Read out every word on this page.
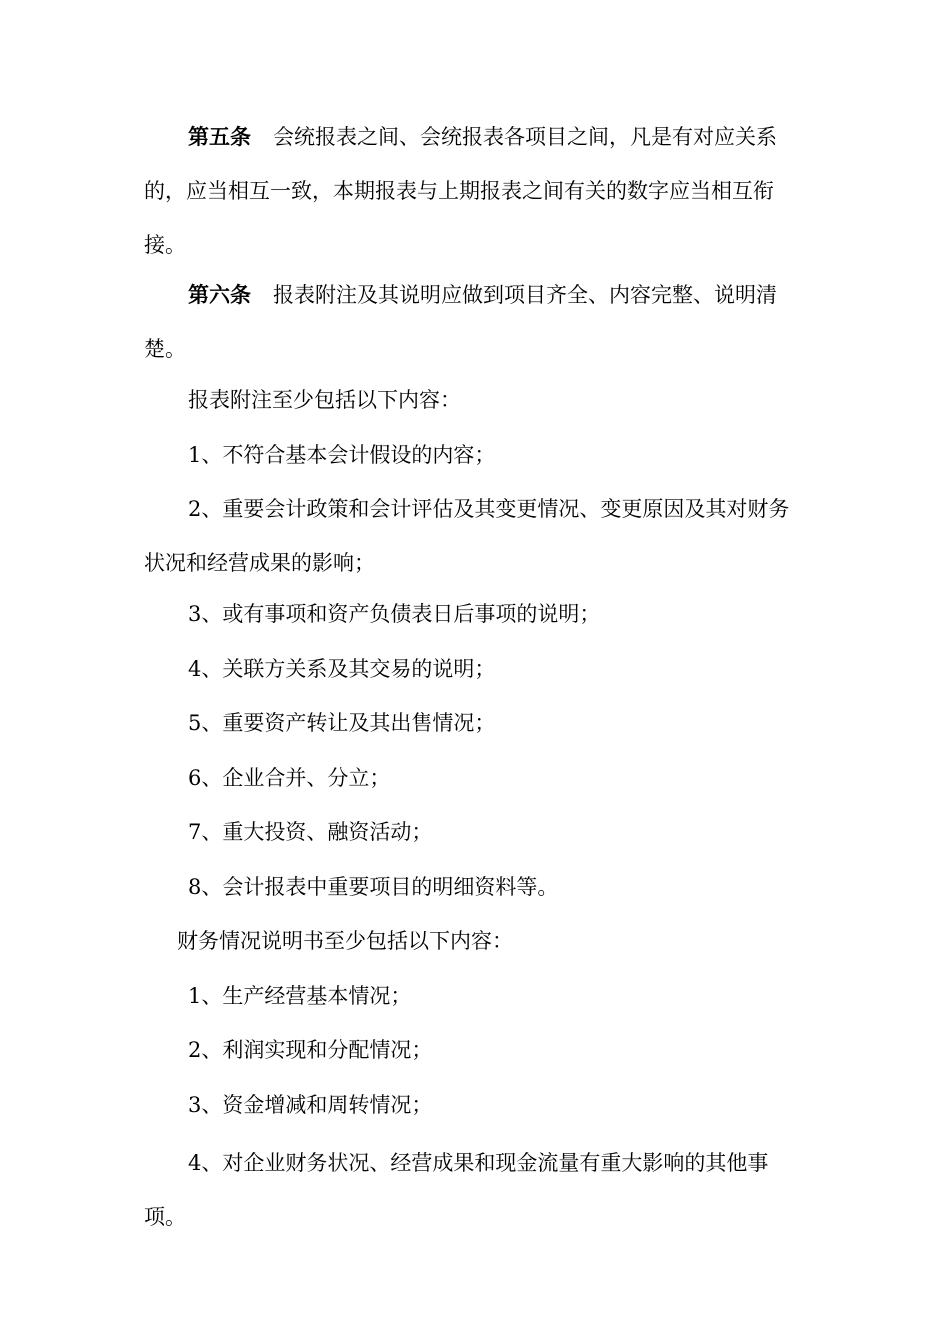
第五条 会统报表之间、会统报表各项目之间，凡是有对应关系的，应当相互一致，本期报表与上期报表之间有关的数字应当相互衔接。

第六条 报表附注及其说明应做到项目齐全、内容完整、说明清楚。

报表附注至少包括以下内容：

1、不符合基本会计假设的内容；

2、重要会计政策和会计评估及其变更情况、变更原因及其对财务状况和经营成果的影响；

3、或有事项和资产负债表日后事项的说明；

4、关联方关系及其交易的说明；

5、重要资产转让及其出售情况；

6、企业合并、分立；

7、重大投资、融资活动；

8、会计报表中重要项目的明细资料等。

财务情况说明书至少包括以下内容：

1、生产经营基本情况；

2、利润实现和分配情况；

3、资金增减和周转情况；

4、对企业财务状况、经营成果和现金流量有重大影响的其他事项。
